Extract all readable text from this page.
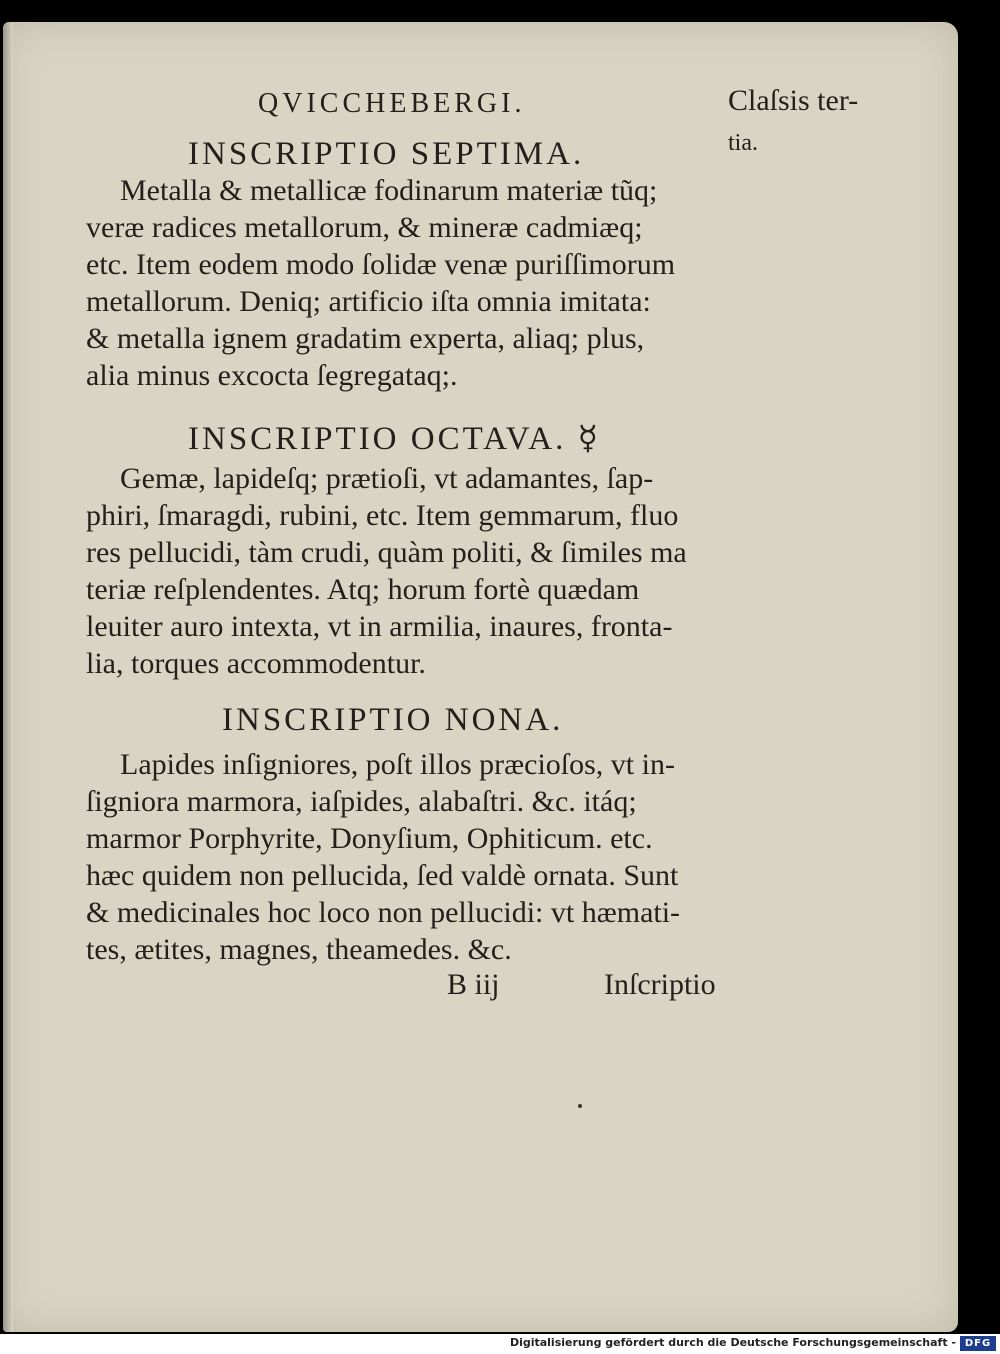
QVICCHEBERGI.	Claſsis ter-
tia.
INSCRIPTIO SEPTIMA.
Metalla & metallicæ fodinarum materiæ tũq;
veræ radices metallorum, & mineræ cadmiæq;
etc. Item eodem modo ſolidæ venæ puriſſimorum
metallorum. Deniq; artificio iſta omnia imitata:
& metalla ignem gradatim experta, aliaq; plus,
alia minus excocta ſegregataq;.
INSCRIPTIO OCTAVA. ☿
Gemæ, lapideſq; prætioſi, vt adamantes, ſap-
phiri, ſmaragdi, rubini, etc. Item gemmarum, fluo
res pellucidi, tàm crudi, quàm politi, & ſimiles ma
teriæ reſplendentes. Atq; horum fortè quædam
leuiter auro intexta, vt in armilia, inaures, fronta-
lia, torques accommodentur.
INSCRIPTIO NONA.
Lapides inſigniores, poſt illos præcioſos, vt in-
ſigniora marmora, iaſpides, alabaſtri. &c. itáq;
marmor Porphyrite, Donyſium, Ophiticum. etc.
hæc quidem non pellucida, ſed valdè ornata. Sunt
& medicinales hoc loco non pellucidi: vt hæmati-
tes, ætites, magnes, theamedes. &c.
B iij	Inſcriptio
Digitalisierung gefördert durch die Deutsche Forschungsgemeinschaft - DFG
